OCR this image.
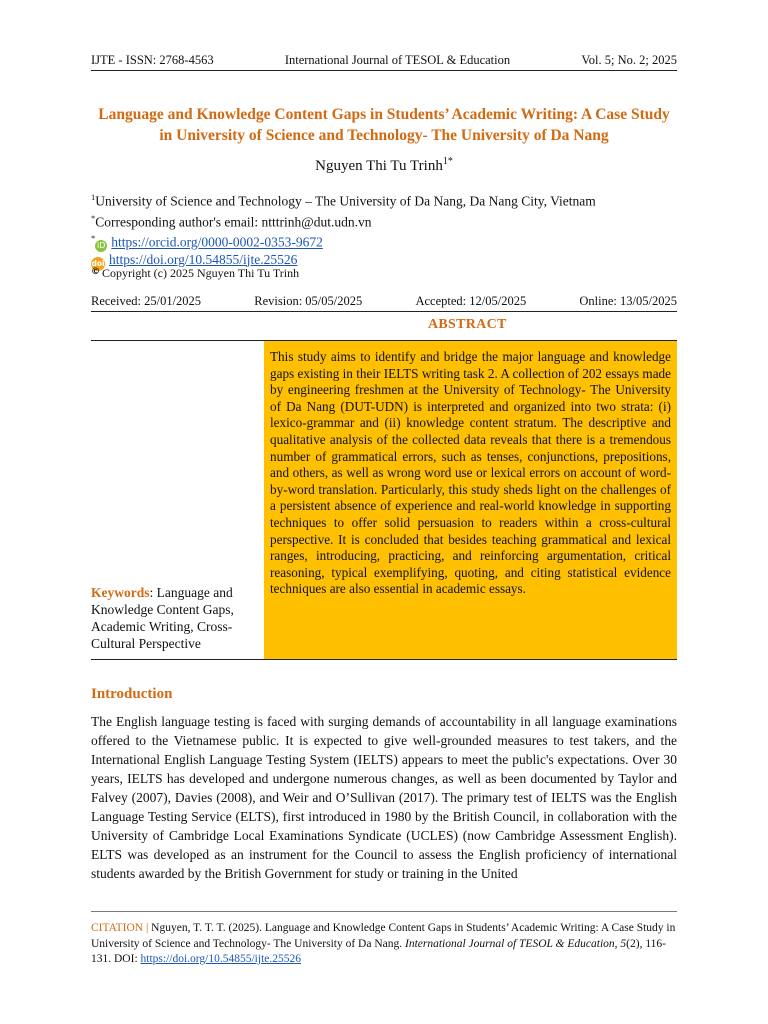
IJTE - ISSN: 2768-4563	International Journal of TESOL & Education	Vol. 5; No. 2; 2025
Language and Knowledge Content Gaps in Students’ Academic Writing: A Case Study in University of Science and Technology- The University of Da Nang
Nguyen Thi Tu Trinh$^{1*}$
$^1$University of Science and Technology – The University of Da Nang, Da Nang City, Vietnam
*Corresponding author's email: ntttrinh@dut.udn.vn
*iD https://orcid.org/0000-0002-0353-9672
doi https://doi.org/10.54855/ijte.25526
© Copyright (c) 2025 Nguyen Thi Tu Trinh
Received: 25/01/2025	Revision: 05/05/2025	Accepted: 12/05/2025	Online: 13/05/2025
ABSTRACT
Keywords: Language and Knowledge Content Gaps, Academic Writing, Cross-Cultural Perspective
This study aims to identify and bridge the major language and knowledge gaps existing in their IELTS writing task 2. A collection of 202 essays made by engineering freshmen at the University of Technology- The University of Da Nang (DUT-UDN) is interpreted and organized into two strata: (i) lexico-grammar and (ii) knowledge content stratum. The descriptive and qualitative analysis of the collected data reveals that there is a tremendous number of grammatical errors, such as tenses, conjunctions, prepositions, and others, as well as wrong word use or lexical errors on account of word-by-word translation. Particularly, this study sheds light on the challenges of a persistent absence of experience and real-world knowledge in supporting techniques to offer solid persuasion to readers within a cross-cultural perspective. It is concluded that besides teaching grammatical and lexical ranges, introducing, practicing, and reinforcing argumentation, critical reasoning, typical exemplifying, quoting, and citing statistical evidence techniques are also essential in academic essays.
Introduction
The English language testing is faced with surging demands of accountability in all language examinations offered to the Vietnamese public. It is expected to give well-grounded measures to test takers, and the International English Language Testing System (IELTS) appears to meet the public's expectations. Over 30 years, IELTS has developed and undergone numerous changes, as well as been documented by Taylor and Falvey (2007), Davies (2008), and Weir and O’Sullivan (2017). The primary test of IELTS was the English Language Testing Service (ELTS), first introduced in 1980 by the British Council, in collaboration with the University of Cambridge Local Examinations Syndicate (UCLES) (now Cambridge Assessment English). ELTS was developed as an instrument for the Council to assess the English proficiency of international students awarded by the British Government for study or training in the United
CITATION | Nguyen, T. T. T. (2025). Language and Knowledge Content Gaps in Students’ Academic Writing: A Case Study in University of Science and Technology- The University of Da Nang. International Journal of TESOL & Education, 5(2), 116-131. DOI: https://doi.org/10.54855/ijte.25526
